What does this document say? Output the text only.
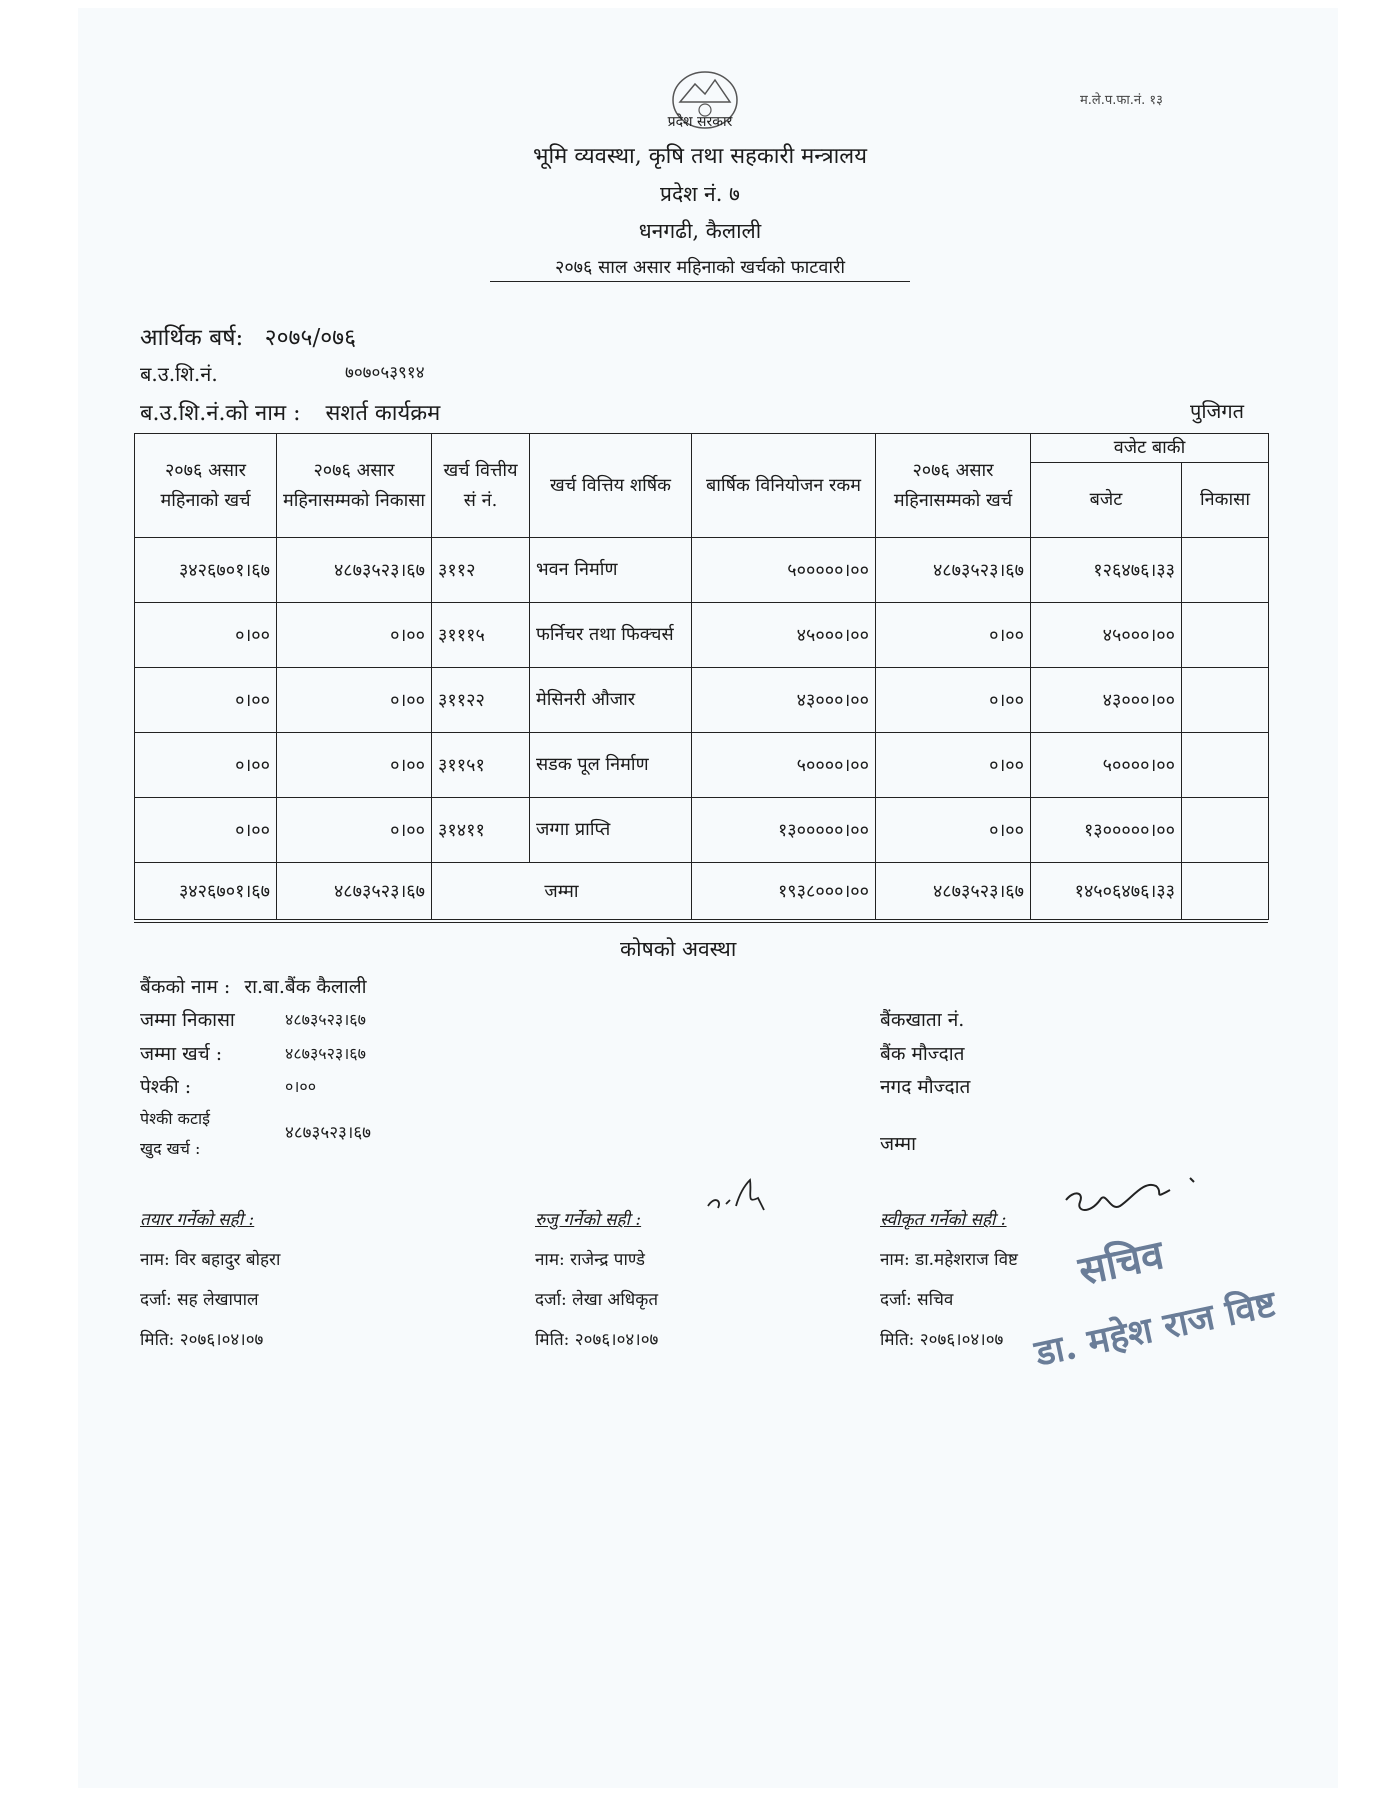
म.ले.प.फा.नं. १३
प्रदेश सरकार
भूमि व्यवस्था, कृषि तथा सहकारी मन्त्रालय
प्रदेश नं. ७
धनगढी, कैलाली
२०७६ साल असार महिनाको खर्चको फाटवारी
आर्थिक बर्ष: २०७५/०७६
ब.उ.शि.नं.	७०७०५३९१४
ब.उ.शि.नं.को नाम : सशर्त कार्यक्रम	पुजिगत
२०७६ असार महिनाको खर्च	२०७६ असार महिनासम्मको निकासा	खर्च वित्तीय सं नं.	खर्च वित्तिय शर्षिक	बार्षिक विनियोजन रकम	२०७६ असार महिनासम्मको खर्च	वजेट बाकी	
						बजेट	निकासा
३४२६७०१।६७	४८७३५२३।६७	३११२	भवन निर्माण	५०००००।००	४८७३५२३।६७	१२६४७६।३३	
०।००	०।००	३१११५	फर्निचर तथा फिक्चर्स	४५०००।००	०।००	४५०००।००	
०।००	०।००	३११२२	मेसिनरी औजार	४३०००।००	०।००	४३०००।००	
०।००	०।००	३११५१	सडक पूल निर्माण	५००००।००	०।००	५००००।००	
०।००	०।००	३१४११	जग्गा प्राप्ति	१३०००००।००	०।००	१३०००००।००	
३४२६७०१।६७	४८७३५२३।६७	जम्मा		१९३८०००।००	४८७३५२३।६७	१४५०६४७६।३३	
कोषको अवस्था
बैंकको नाम : रा.बा.बैंक कैलाली
जम्मा निकासा	४८७३५२३।६७
जम्मा खर्च :	४८७३५२३।६७
पेश्की :	०।००
पेश्की कटाई
खुद खर्च :
४८७३५२३।६७
बैंकखाता नं.
बैंक मौज्दात
नगद मौज्दात
जम्मा
तयार गर्नेको सही :
नाम: विर बहादुर बोहरा
दर्जा: सह लेखापाल
मिति: २०७६।०४।०७
रुजु गर्नेको सही :
नाम: राजेन्द्र पाण्डे
दर्जा: लेखा अधिकृत
मिति: २०७६।०४।०७
स्वीकृत गर्नेको सही :
नाम: डा.महेशराज विष्ट
दर्जा: सचिव
मिति: २०७६।०४।०७
सचिव
डा. महेश राज विष्ट
